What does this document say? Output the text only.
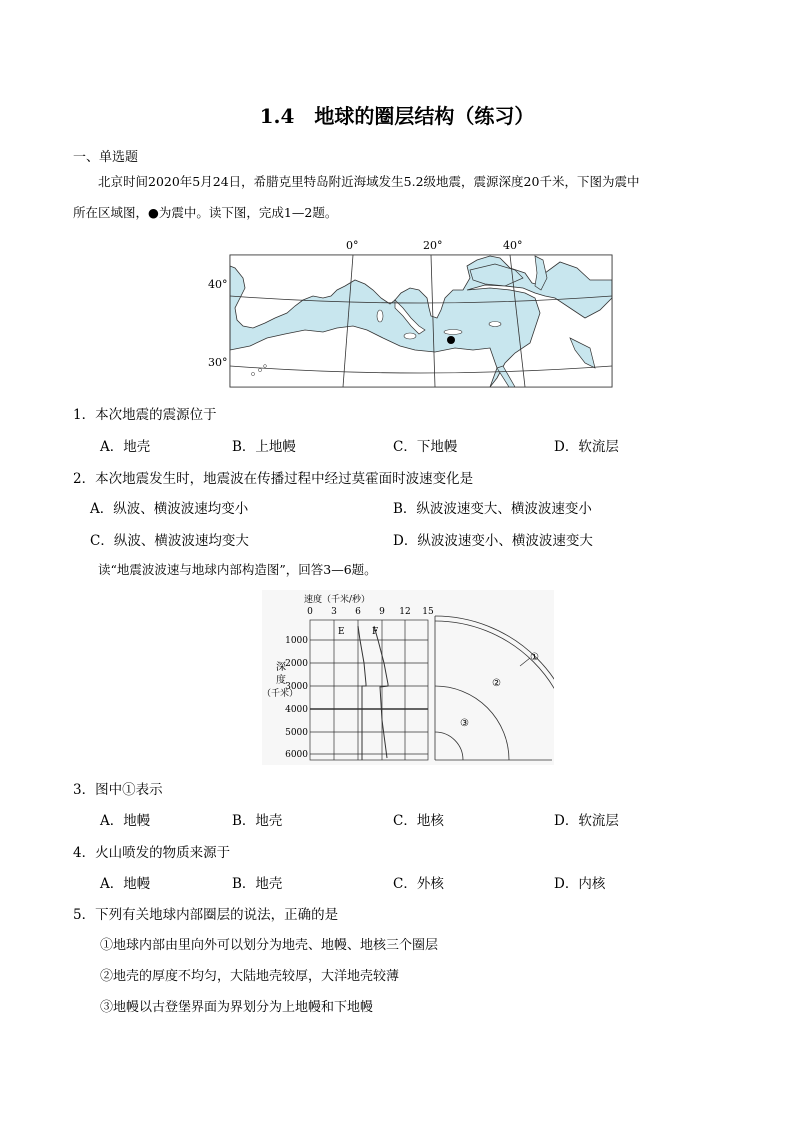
1.4　地球的圈层结构（练习）
一、单选题
北京时间2020年5月24日，希腊克里特岛附近海域发生5.2级地震，震源深度20千米，下图为震中
所在区域图，●为震中。读下图，完成1—2题。
0°	20°	40°
40°
30°
1．本次地震的震源位于
A．地壳	B．上地幔	C．下地幔	D．软流层
2．本次地震发生时，地震波在传播过程中经过莫霍面时波速变化是
A．纵波、横波波速均变小	B．纵波波速变大、横波波速变小
C．纵波、横波波速均变大	D．纵波波速变小、横波波速变大
读“地震波波速与地球内部构造图”，回答3—6题。
速度（千米/秒）
0 3 6 9 12 15
1000
2000
3000
4000
5000
6000
深
度
（千米）
E	F
①
②
③
3．图中①表示
A．地幔	B．地壳	C．地核	D．软流层
4．火山喷发的物质来源于
A．地幔	B．地壳	C．外核	D．内核
5．下列有关地球内部圈层的说法，正确的是
①地球内部由里向外可以划分为地壳、地幔、地核三个圈层
②地壳的厚度不均匀，大陆地壳较厚，大洋地壳较薄
③地幔以古登堡界面为界划分为上地幔和下地幔
